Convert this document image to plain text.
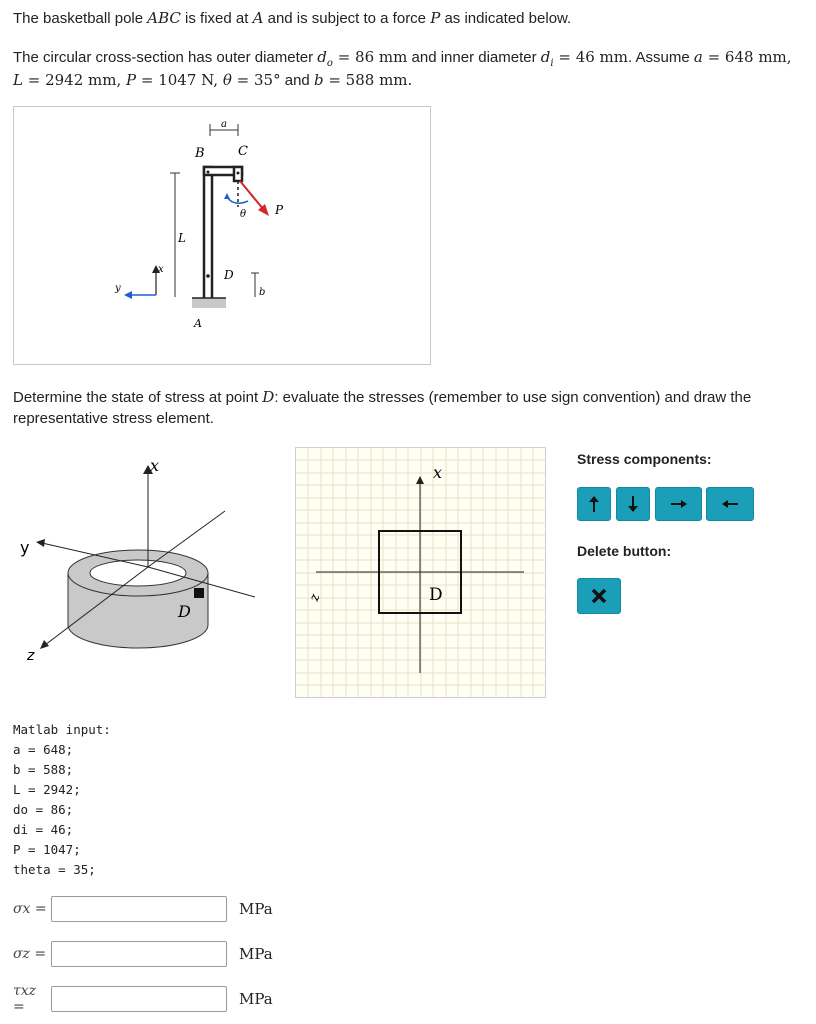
The basketball pole ABC is fixed at A and is subject to a force P as indicated below.
The circular cross-section has outer diameter $d_o = 86$ mm and inner diameter $d_i = 46$ mm. Assume a = 648 mm,
L = 2942 mm, P = 1047 N, θ = 35° and b = 588 mm.
a
B	C
θ P
L
D
b
A
x
y
Determine the state of stress at point D: evaluate the stresses (remember to use sign convention) and draw the representative stress element.
D
x
y
z
x
z	D
Stress components:
Delete button:
Matlab input:
a = 648;
b = 588;
L = 2942;
do = 86;
di = 46;
P = 1047;
theta = 35;
σx =	MPa
σz =	MPa
τxz =	MPa
